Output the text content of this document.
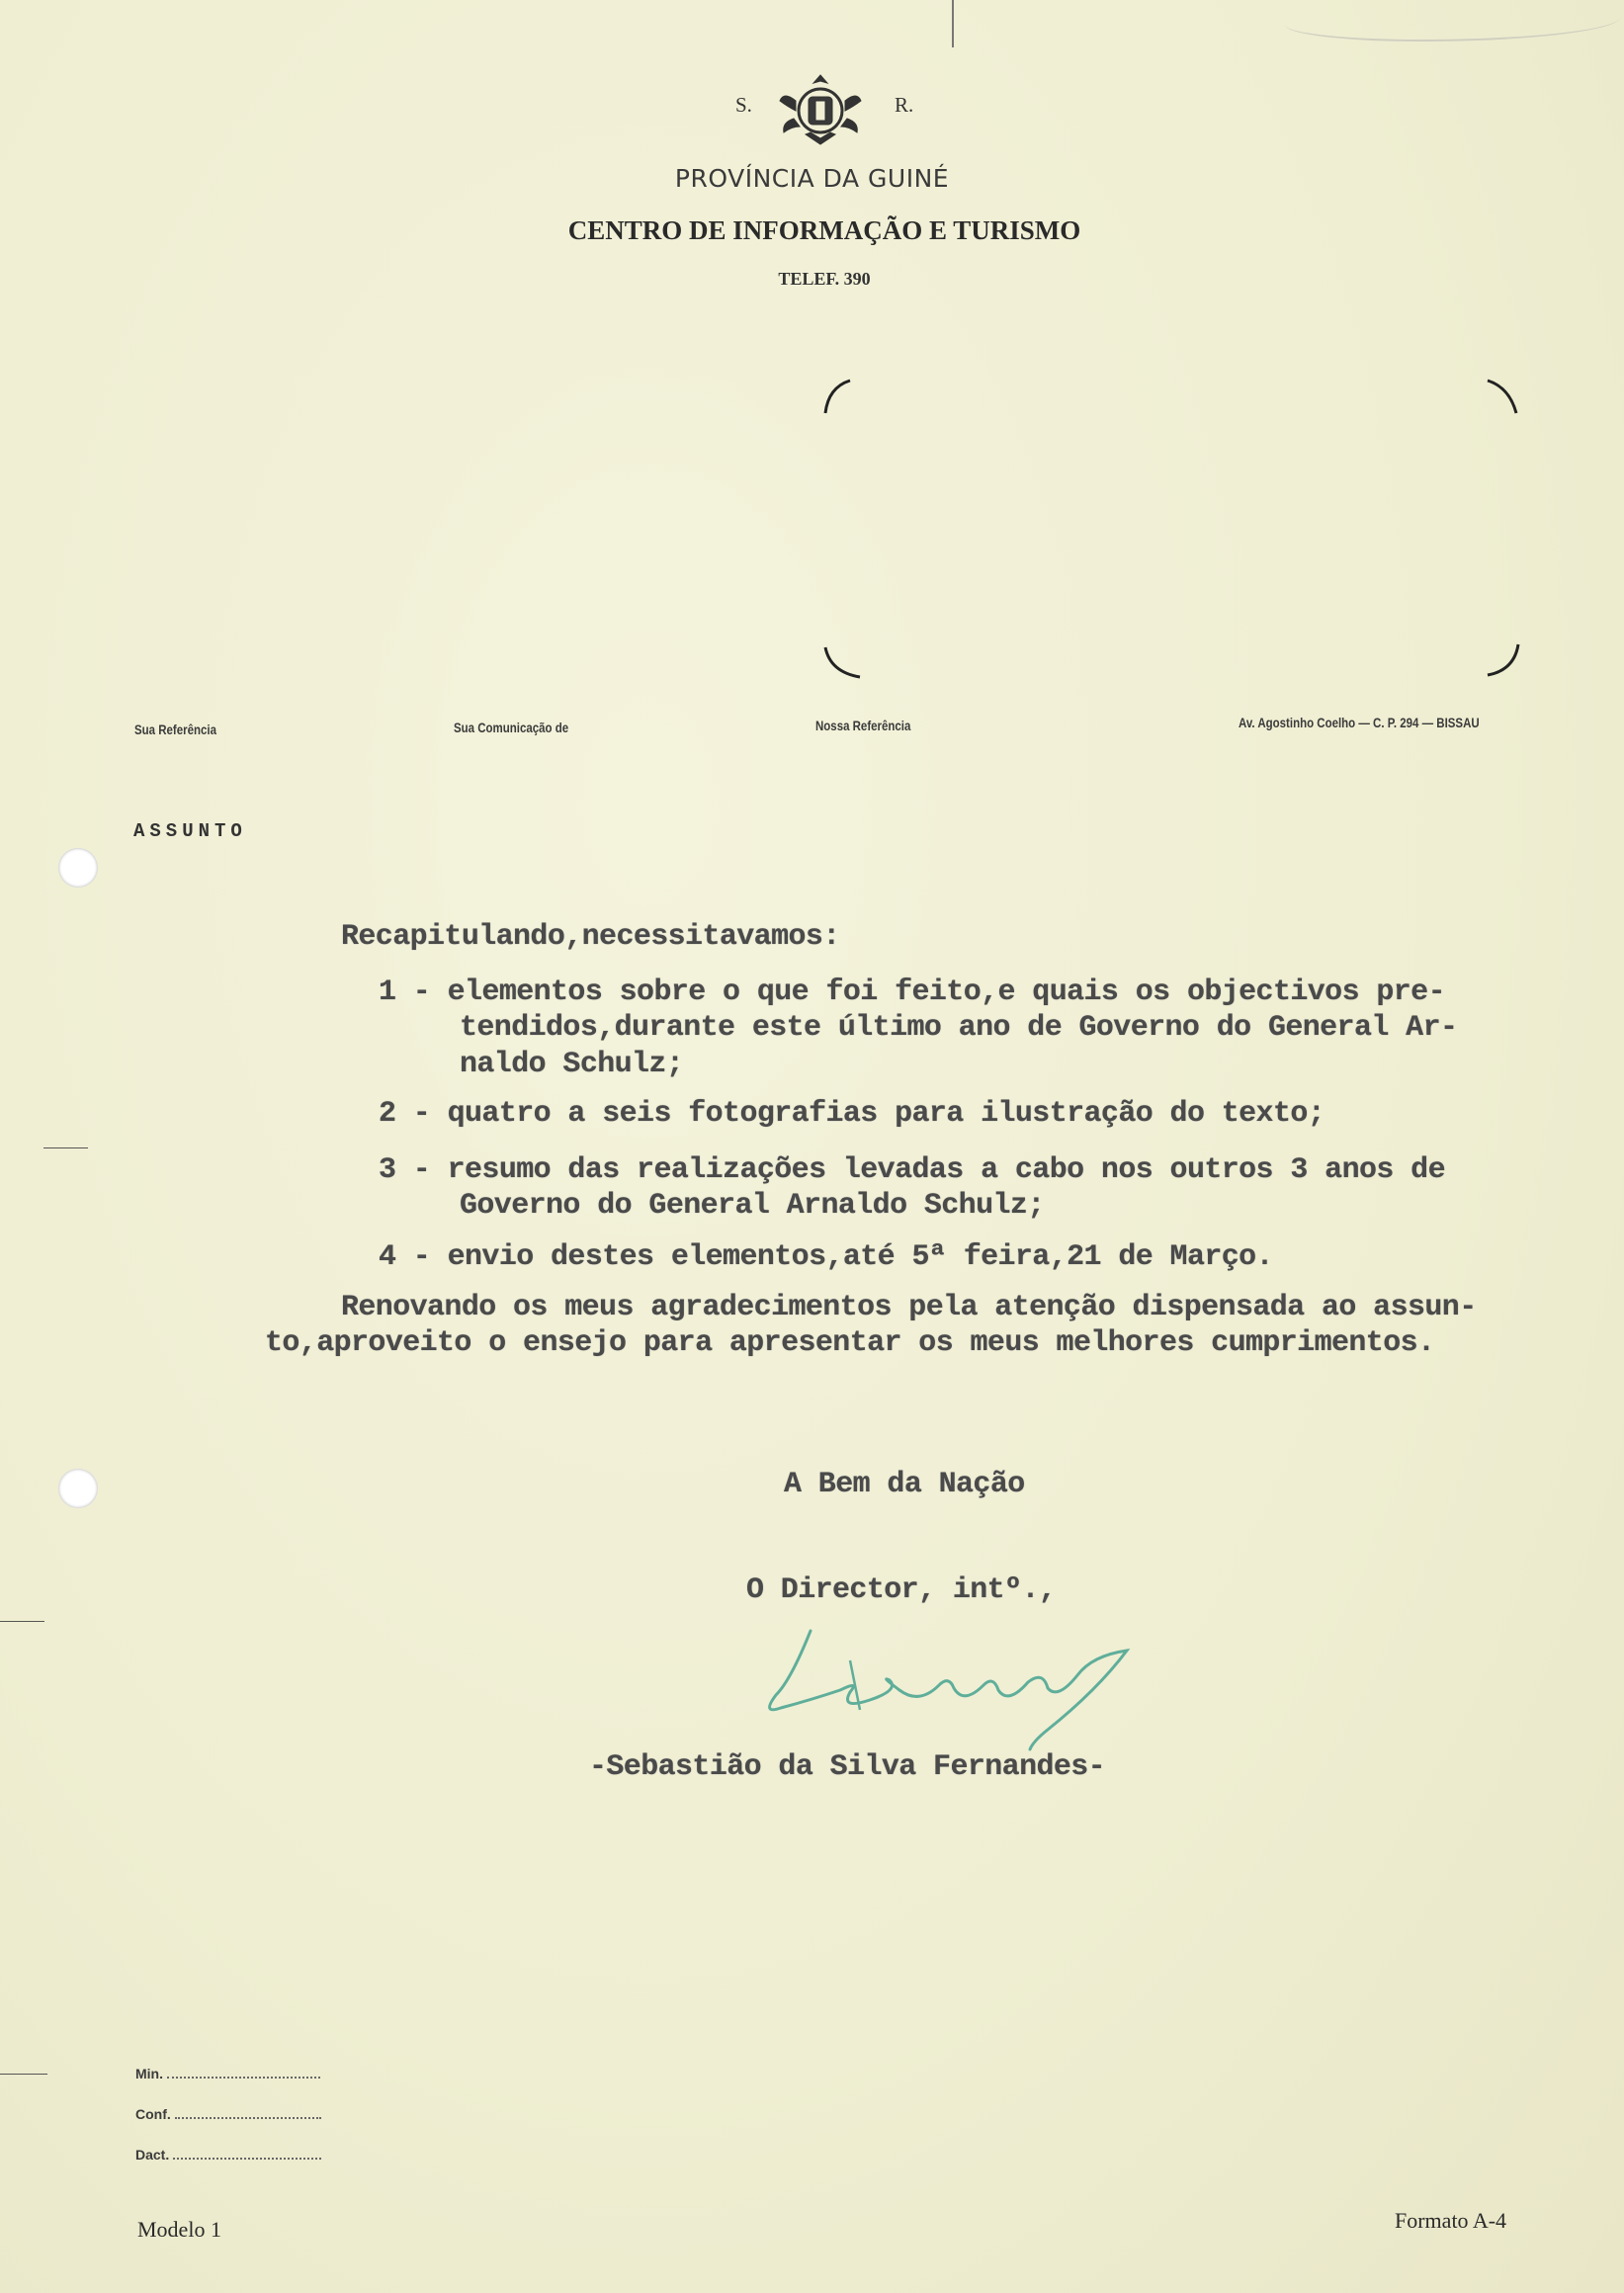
S.	R.
PROVÍNCIA DA GUINÉ
CENTRO DE INFORMAÇÃO E TURISMO
TELEF. 390
Sua Referência	Sua Comunicação de	Nossa Referência	Av. Agostinho Coelho — C. P. 294 — BISSAU
ASSUNTO
Recapitulando,necessitavamos:
1 - elementos sobre o que foi feito,e quais os objectivos pre-
tendidos,durante este último ano de Governo do General Ar-
naldo Schulz;
2 - quatro a seis fotografias para ilustração do texto;
3 - resumo das realizações levadas a cabo nos outros 3 anos de
Governo do General Arnaldo Schulz;
4 - envio destes elementos,até 5ª feira,21 de Março.
Renovando os meus agradecimentos pela atenção dispensada ao assun-
to,aproveito o ensejo para apresentar os meus melhores cumprimentos.
A Bem da Nação
O Director, intº.,
-Sebastião da Silva Fernandes-
Min.
Conf.
Dact.
Modelo 1	Formato A-4
